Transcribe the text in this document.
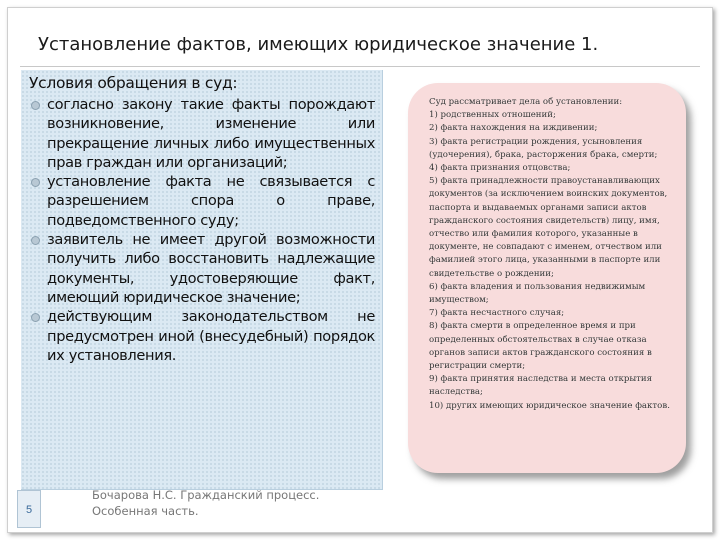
Установление фактов, имеющих юридическое значение 1.
Условия обращения в суд:
согласно закону такие факты порождают возникновение, изменение или прекращение личных либо имущественных прав граждан или организаций;
установление факта не связывается с разрешением спора о праве, подведомственного суду;
заявитель не имеет другой возможности получить либо восстановить надлежащие документы, удостоверяющие факт, имеющий юридическое значение;
действующим законодательством не предусмотрен иной (внесудебный) порядок их установления.
Суд рассматривает дела об установлении:
1) родственных отношений;
2) факта нахождения на иждивении;
3) факта регистрации рождения, усыновления (удочерения), брака, расторжения брака, смерти;
4) факта признания отцовства;
5) факта принадлежности правоустанавливающих документов (за исключением воинских документов, паспорта и выдаваемых органами записи актов гражданского состояния свидетельств) лицу, имя, отчество или фамилия которого, указанные в документе, не совпадают с именем, отчеством или фамилией этого лица, указанными в паспорте или свидетельстве о рождении;
6) факта владения и пользования недвижимым имуществом;
7) факта несчастного случая;
8) факта смерти в определенное время и при определенных обстоятельствах в случае отказа органов записи актов гражданского состояния в регистрации смерти;
9) факта принятия наследства и места открытия наследства;
10) других имеющих юридическое значение фактов.
5
Бочарова Н.С. Гражданский процесс.
Особенная часть.
